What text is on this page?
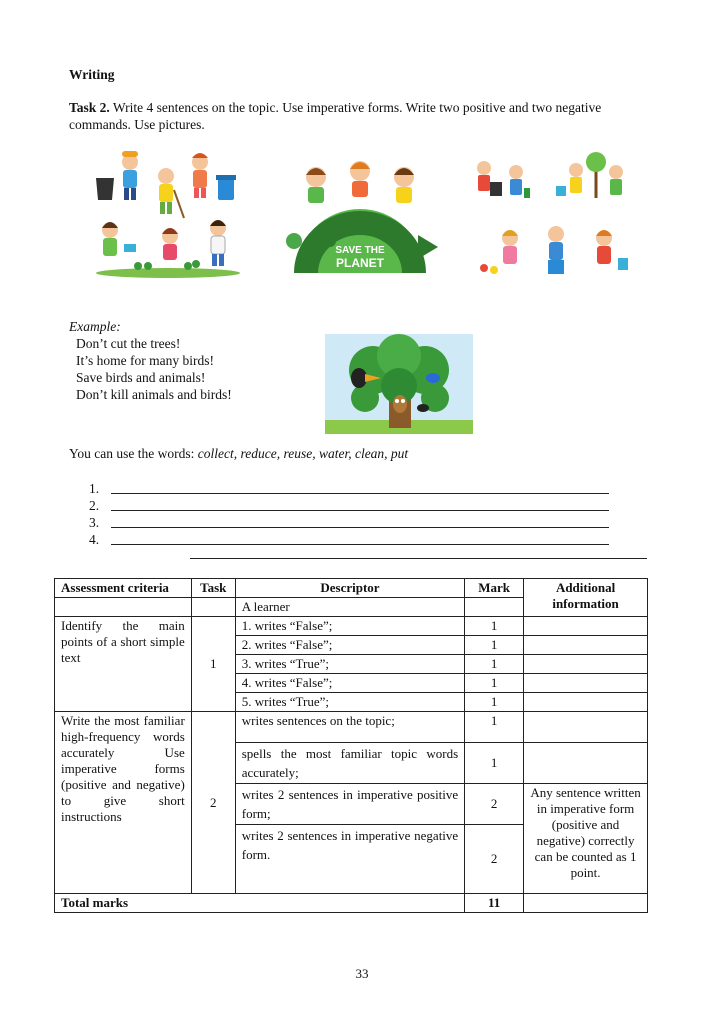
Writing
Task 2. Write 4 sentences on the topic. Use imperative forms. Write two positive and two negative commands. Use pictures.
SAVE THE
PLANET
Example:
Don’t cut the trees!
It’s home for many birds!
Save birds and animals!
Don’t kill animals and birds!
You can use the words: collect, reduce, reuse, water, clean, put
1.
2.
3.
4.
Assessment criteria	Task	Descriptor	Mark	Additional information
		A learner		
Identify the main points of a short simple text	1	1. writes “False”;	1	
		2. writes “False”;	1	
		3. writes “True”;	1	
		4. writes “False”;	1	
		5. writes “True”;	1	
Write the most familiar high-frequency words accurately Use imperative forms (positive and negative) to give short instructions	2	writes sentences on the topic;	1	
		spells the most familiar topic words accurately;	1	
		writes 2 sentences in imperative positive form;	2	Any sentence written in imperative form (positive and negative) correctly can be counted as 1 point.
		writes 2 sentences in imperative negative form.	2	
Total marks			11	
33
